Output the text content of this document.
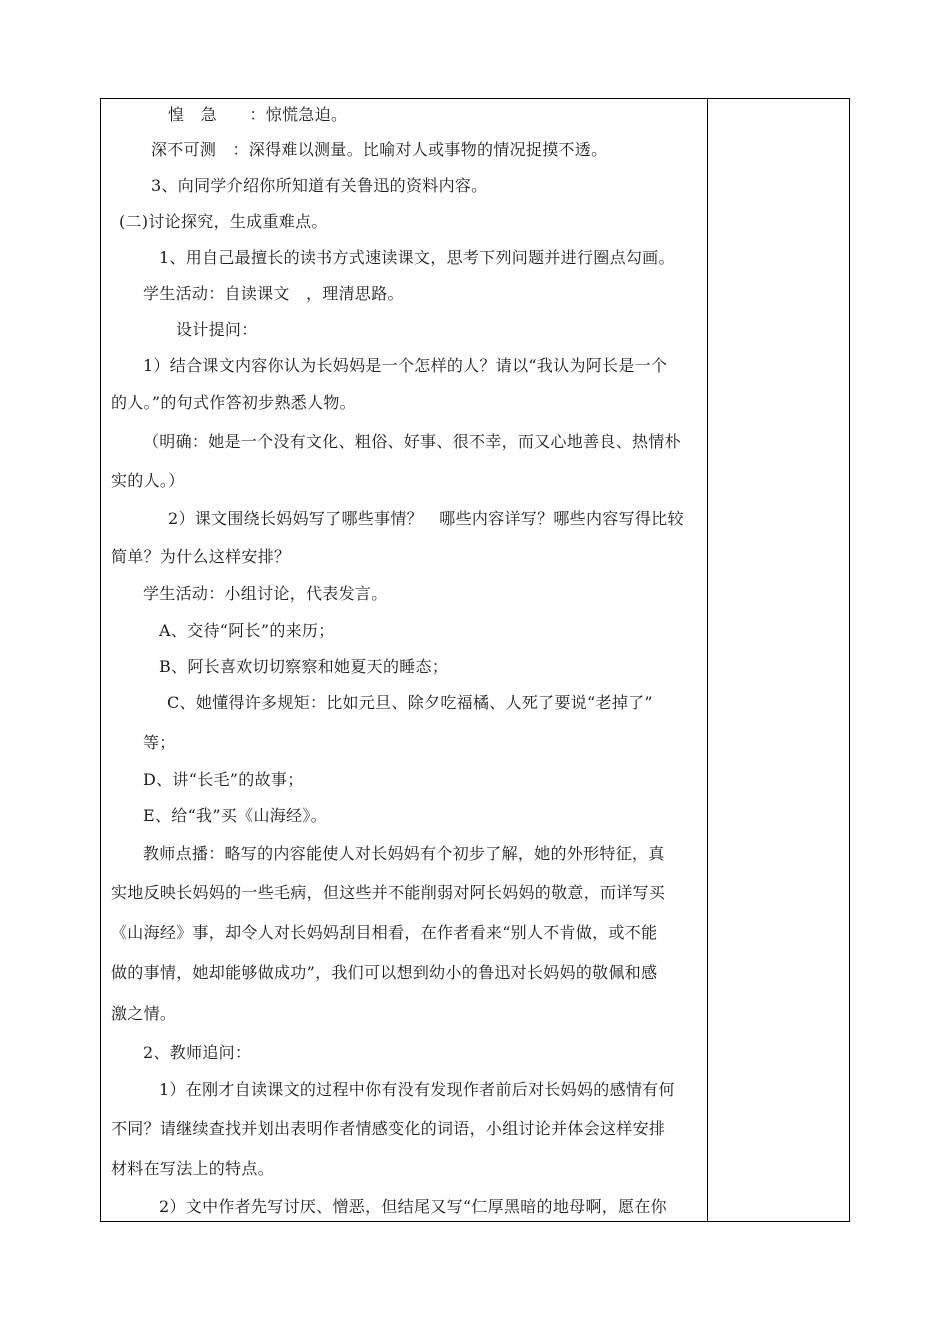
惶　急　　：惊慌急迫。
深不可测　：深得难以测量。比喻对人或事物的情况捉摸不透。
3、向同学介绍你所知道有关鲁迅的资料内容。
(二)讨论探究，生成重难点。
1、用自己最擅长的读书方式速读课文，思考下列问题并进行圈点勾画。
学生活动：自读课文　，理清思路。
设计提问：
1）结合课文内容你认为长妈妈是一个怎样的人？请以“我认为阿长是一个
的人。”的句式作答初步熟悉人物。
（明确：她是一个没有文化、粗俗、好事、很不幸，而又心地善良、热情朴
实的人。）
2）课文围绕长妈妈写了哪些事情？　哪些内容详写？哪些内容写得比较
简单？为什么这样安排？
学生活动：小组讨论，代表发言。
A、交待“阿长”的来历；
B、阿长喜欢切切察察和她夏天的睡态；
C、她懂得许多规矩：比如元旦、除夕吃福橘、人死了要说“老掉了”
等；
D、讲“长毛”的故事；
E、给“我”买《山海经》。
教师点播：略写的内容能使人对长妈妈有个初步了解，她的外形特征，真
实地反映长妈妈的一些毛病，但这些并不能削弱对阿长妈妈的敬意，而详写买
《山海经》事，却令人对长妈妈刮目相看，在作者看来“别人不肯做，或不能
做的事情，她却能够做成功”，我们可以想到幼小的鲁迅对长妈妈的敬佩和感
激之情。
2、教师追问：
1）在刚才自读课文的过程中你有没有发现作者前后对长妈妈的感情有何
不同？请继续查找并划出表明作者情感变化的词语，小组讨论并体会这样安排
材料在写法上的特点。
2）文中作者先写讨厌、憎恶，但结尾又写“仁厚黑暗的地母啊，愿在你
